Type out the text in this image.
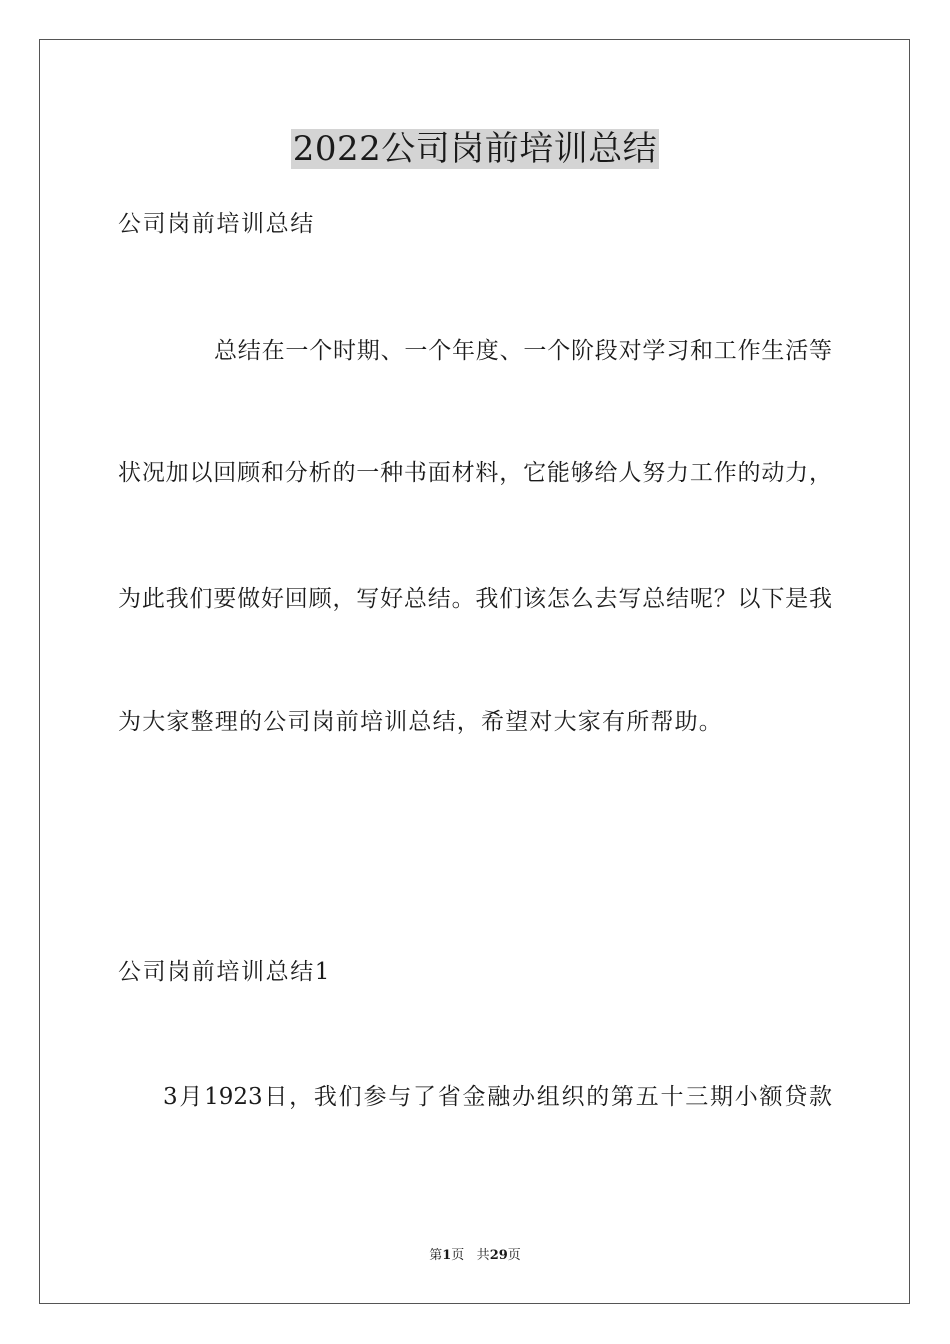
2022公司岗前培训总结
公司岗前培训总结
总结在一个时期、一个年度、一个阶段对学习和工作生活等
状况加以回顾和分析的一种书面材料，它能够给人努力工作的动力，
为此我们要做好回顾，写好总结。我们该怎么去写总结呢？以下是我
为大家整理的公司岗前培训总结，希望对大家有所帮助。
公司岗前培训总结1
3月1923日，我们参与了省金融办组织的第五十三期小额贷款
第1页 共29页
